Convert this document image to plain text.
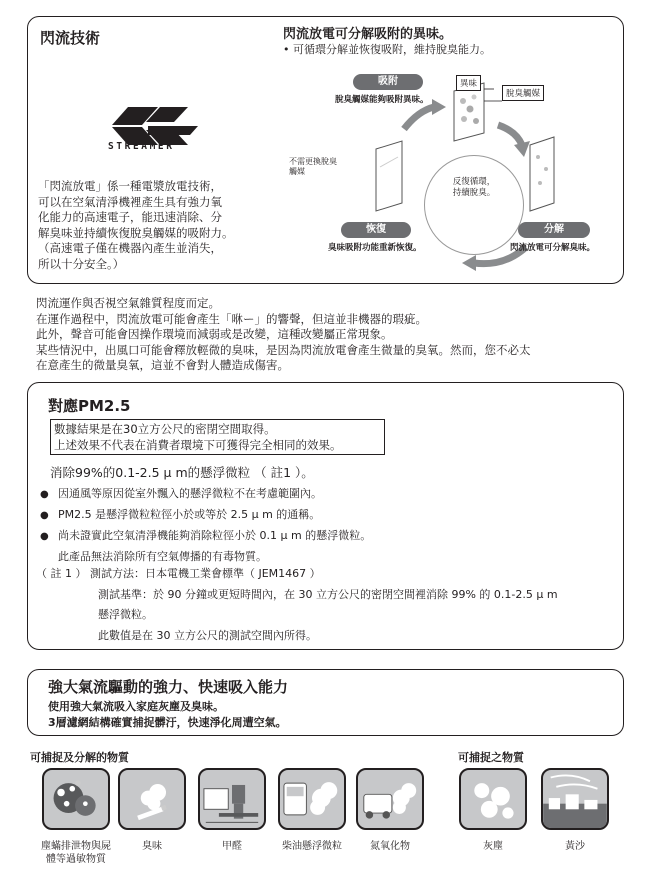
閃流技術
STREAMER
「閃流放電」係一種電漿放電技術，
可以在空氣清淨機裡產生具有強力氧
化能力的高速電子，能迅速消除、分
解臭味並持續恢復脫臭觸媒的吸附力。
（高速電子僅在機器內產生並消失，
所以十分安全。）
閃流放電可分解吸附的異味。
• 可循環分解並恢復吸附，維持脫臭能力。
吸附
脫臭觸媒能夠吸附異味。
異味
脫臭觸媒
不需更換脫臭
觸媒
反復循環，
持續脫臭。
恢復
臭味吸附功能重新恢復。
分解
閃流放電可分解臭味。
閃流運作與否視空氣雜質程度而定。
在運作過程中，閃流放電可能會產生「咻ー」的響聲，但這並非機器的瑕疵。
此外，聲音可能會因操作環境而減弱或是改變，這種改變屬正常現象。
某些情況中，出風口可能會釋放輕微的臭味，是因為閃流放電會產生微量的臭氧。然而，您不必太
在意產生的微量臭氧，這並不會對人體造成傷害。
對應PM2.5
數據結果是在30立方公尺的密閉空間取得。
上述效果不代表在消費者環境下可獲得完全相同的效果。
消除99%的0.1-2.5 μ m的懸浮微粒 （ 註1 ）。
● 因通風等原因從室外飄入的懸浮微粒不在考慮範圍內。
● PM2.5 是懸浮微粒粒徑小於或等於 2.5 μ m 的通稱。
● 尚未證實此空氣清淨機能夠消除粒徑小於 0.1 μ m 的懸浮微粒。
此產品無法消除所有空氣傳播的有毒物質。
（ 註 1 ） 測試方法：日本電機工業會標準（ JEM1467 ）
測試基準：於 90 分鐘或更短時間內，在 30 立方公尺的密閉空間裡消除 99% 的 0.1-2.5 μ m
懸浮微粒。
此數值是在 30 立方公尺的測試空間內所得。
強大氣流驅動的強力、快速吸入能力
使用強大氣流吸入家庭灰塵及臭味。
3層濾網結構確實捕捉髒汙，快速淨化周遭空氣。
可捕捉及分解的物質	可捕捉之物質
塵蟎排泄物與屍
體等過敏物質
臭味	甲醛	柴油懸浮微粒	氮氧化物	灰塵	黃沙
